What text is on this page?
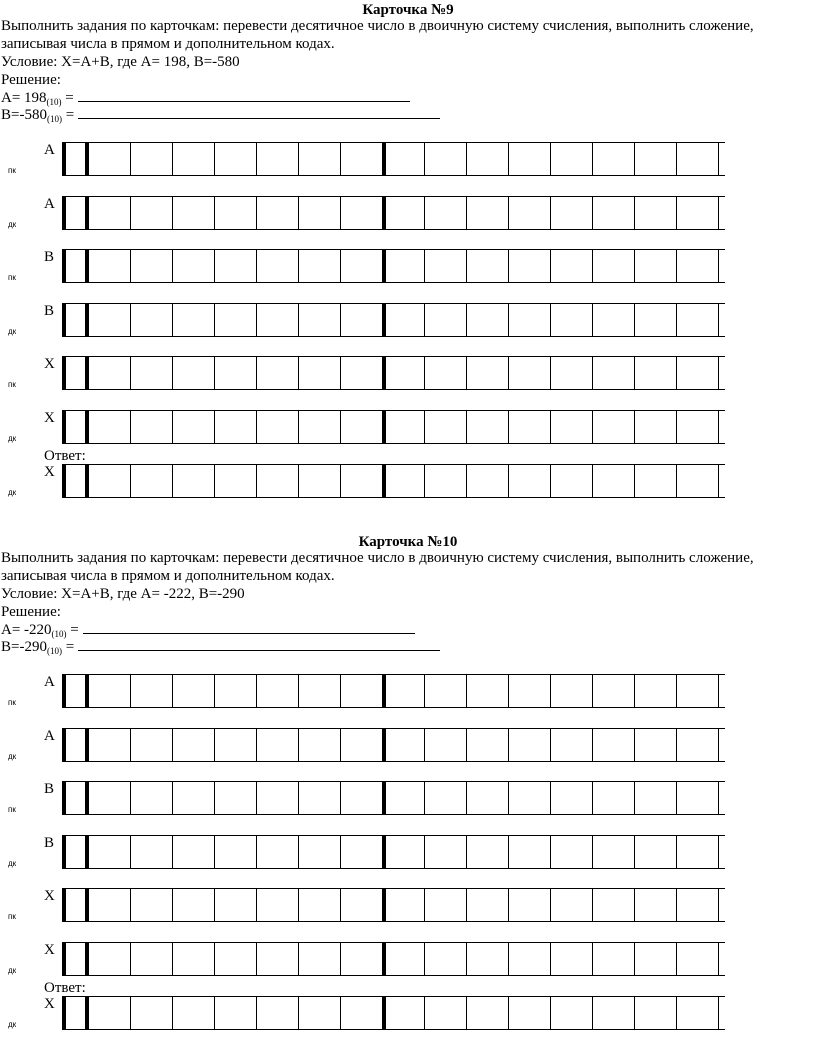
Карточка №9
Выполнить задания по карточкам: перевести десятичное число в двоичную систему счисления, выполнить сложение,
записывая числа в прямом и дополнительном кодах.
Условие: X=A+B, где А= 198, B=-580
Решение:
$А= 198_{(10)}$ =
$B=-580_{(10)}$ =
A
пк
A
дк
B
пк
B
дк
X
пк
X
дк
X
дк
Ответ:
Карточка №10
Выполнить задания по карточкам: перевести десятичное число в двоичную систему счисления, выполнить сложение,
записывая числа в прямом и дополнительном кодах.
Условие: X=A+B, где А= -222, B=-290
Решение:
$А= -220_{(10)}$ =
$B=-290_{(10)}$ =
A
пк
A
дк
B
пк
B
дк
X
пк
X
дк
X
дк
Ответ:
